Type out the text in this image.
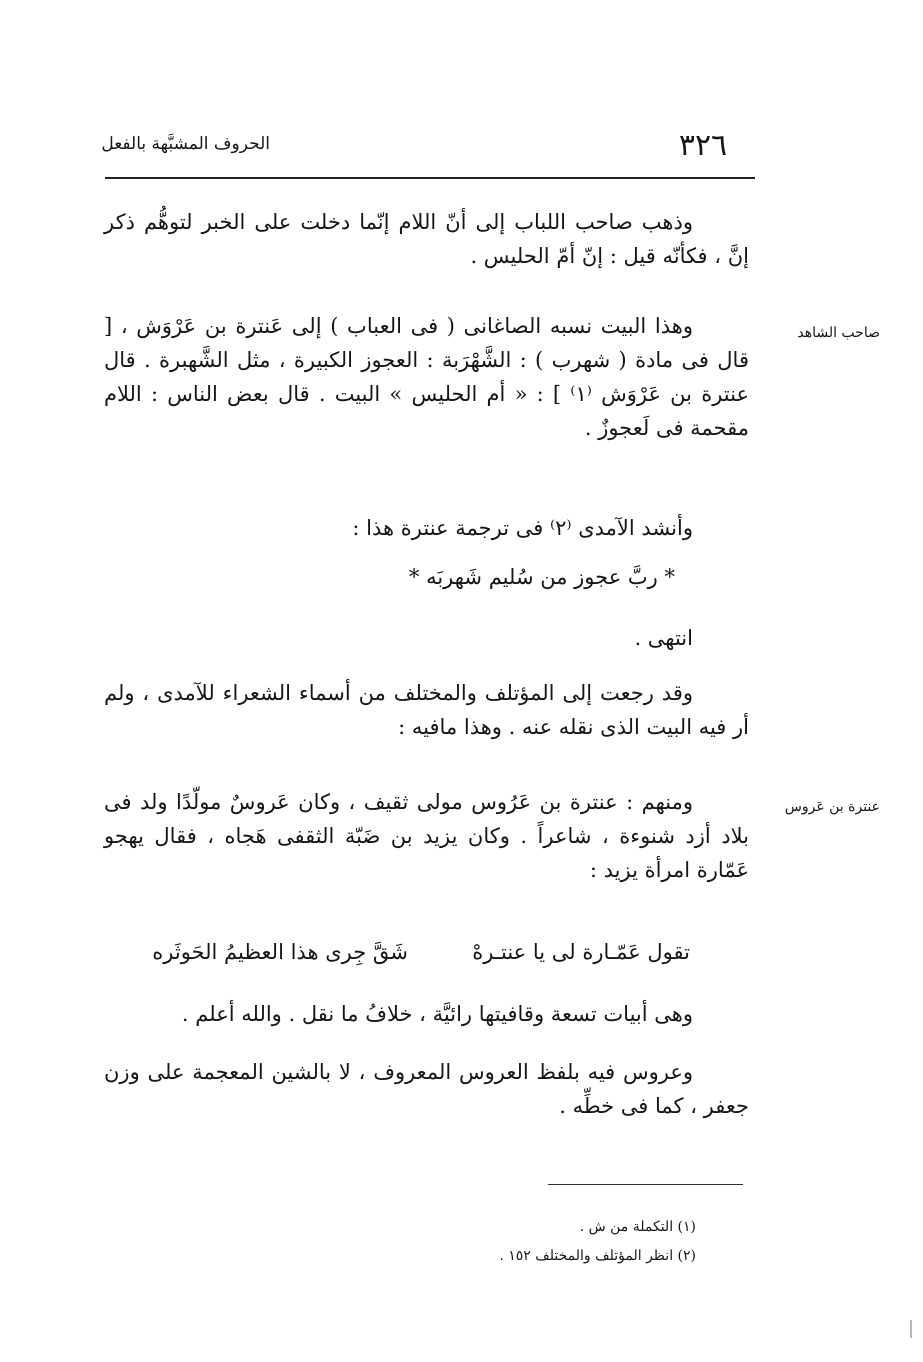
٣٢٦
الحروف المشبَّهة بالفعل
وذهب صاحب اللباب إلى أنّ اللام إنّما دخلت على الخبر لتوهُّم ذكر إنَّ ، فكأنّه قيل : إنّ أمّ الحليس .
صاحب الشاهد
وهذا البيت نسبه الصاغانى ( فى العباب ) إلى عَنترة بن عَرْوَش ، [ قال فى مادة ( شهرب ) : الشَّهْرَبة : العجوز الكبيرة ، مثل الشَّهبرة . قال عنترة بن عَرْوَش ⁽١⁾ ] : « أم الحليس » البيت . قال بعض الناس : اللام مقحمة فى لَعجوزٌ .
وأنشد الآمدى ⁽٢⁾ فى ترجمة عنترة هذا :
* ربَّ عجوز من سُليم شَهربَه *
انتهى .
وقد رجعت إلى المؤتلف والمختلف من أسماء الشعراء للآمدى ، ولم أر فيه البيت الذى نقله عنه . وهذا مافيه :
عنترة بن عَروس
ومنهم : عنترة بن عَرُوس مولى ثقيف ، وكان عَروسٌ مولّدًا ولد فى بلاد أزد شنوءة ، شاعراً . وكان يزيد بن ضَبّة الثقفى هَجاه ، فقال يهجو عَمّارة امرأة يزيد :
تقول عَمّـارة لى يا عنتـرهْ
شَقَّ جِرى هذا العظيمُ الحَوثَره
وهى أبيات تسعة وقافيتها رائيَّة ، خلافُ ما نقل . والله أعلم .
وعروس فيه بلفظ العروس المعروف ، لا بالشين المعجمة على وزن جعفر ، كما فى خطِّه .
(١) التكملة من ش .
(٢) انظر المؤتلف والمختلف ١٥٢ .
